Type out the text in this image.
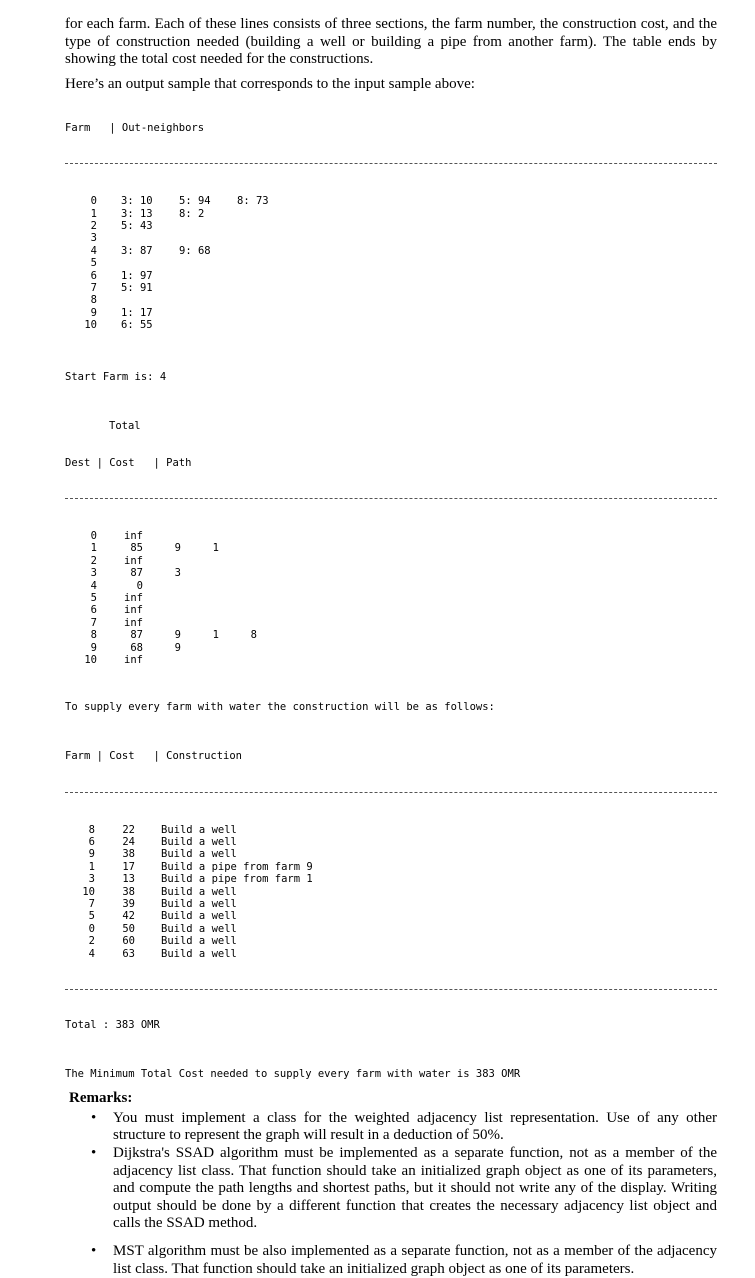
for each farm. Each of these lines consists of three sections, the farm number, the construction cost, and the type of construction needed (building a well or building a pipe from another farm). The table ends by showing the total cost needed for the constructions.

Here’s an output sample that corresponds to the input sample above:

Farm   | Out-neighbors

0 3: 10	5: 94	8: 73
1 3: 13	8: 2
2 5: 43
3
4 3: 87	9: 68
5
6 1: 97
7 5: 91
8
9 1: 17
10 6: 55

Start Farm is: 4

Total

Dest | Cost   | Path

0	inf
1	85	9	1
2	inf
3	87	3
4	0
5	inf
6	inf
7	inf
8	87	9	1	8
9	68	9
10	inf

To supply every farm with water the construction will be as follows:

Farm | Cost   | Construction

8	22	Build a well
6	24	Build a well
9	38	Build a well
1	17	Build a pipe from farm 9
3	13	Build a pipe from farm 1
10	38	Build a well
7	39	Build a well
5	42	Build a well
0	50	Build a well
2	60	Build a well
4	63	Build a well

Total : 383 OMR

The Minimum Total Cost needed to supply every farm with water is 383 OMR
Remarks:
• You must implement a class for the weighted adjacency list representation. Use of any other structure to represent the graph will result in a deduction of 50%.
• Dijkstra's SSAD algorithm must be implemented as a separate function, not as a member of the adjacency list class. That function should take an initialized graph object as one of its parameters, and compute the path lengths and shortest paths, but it should not write any of the display. Writing output should be done by a different function that creates the necessary adjacency list object and calls the SSAD method.
• MST algorithm must be also implemented as a separate function, not as a member of the adjacency list class. That function should take an initialized graph object as one of its parameters.
